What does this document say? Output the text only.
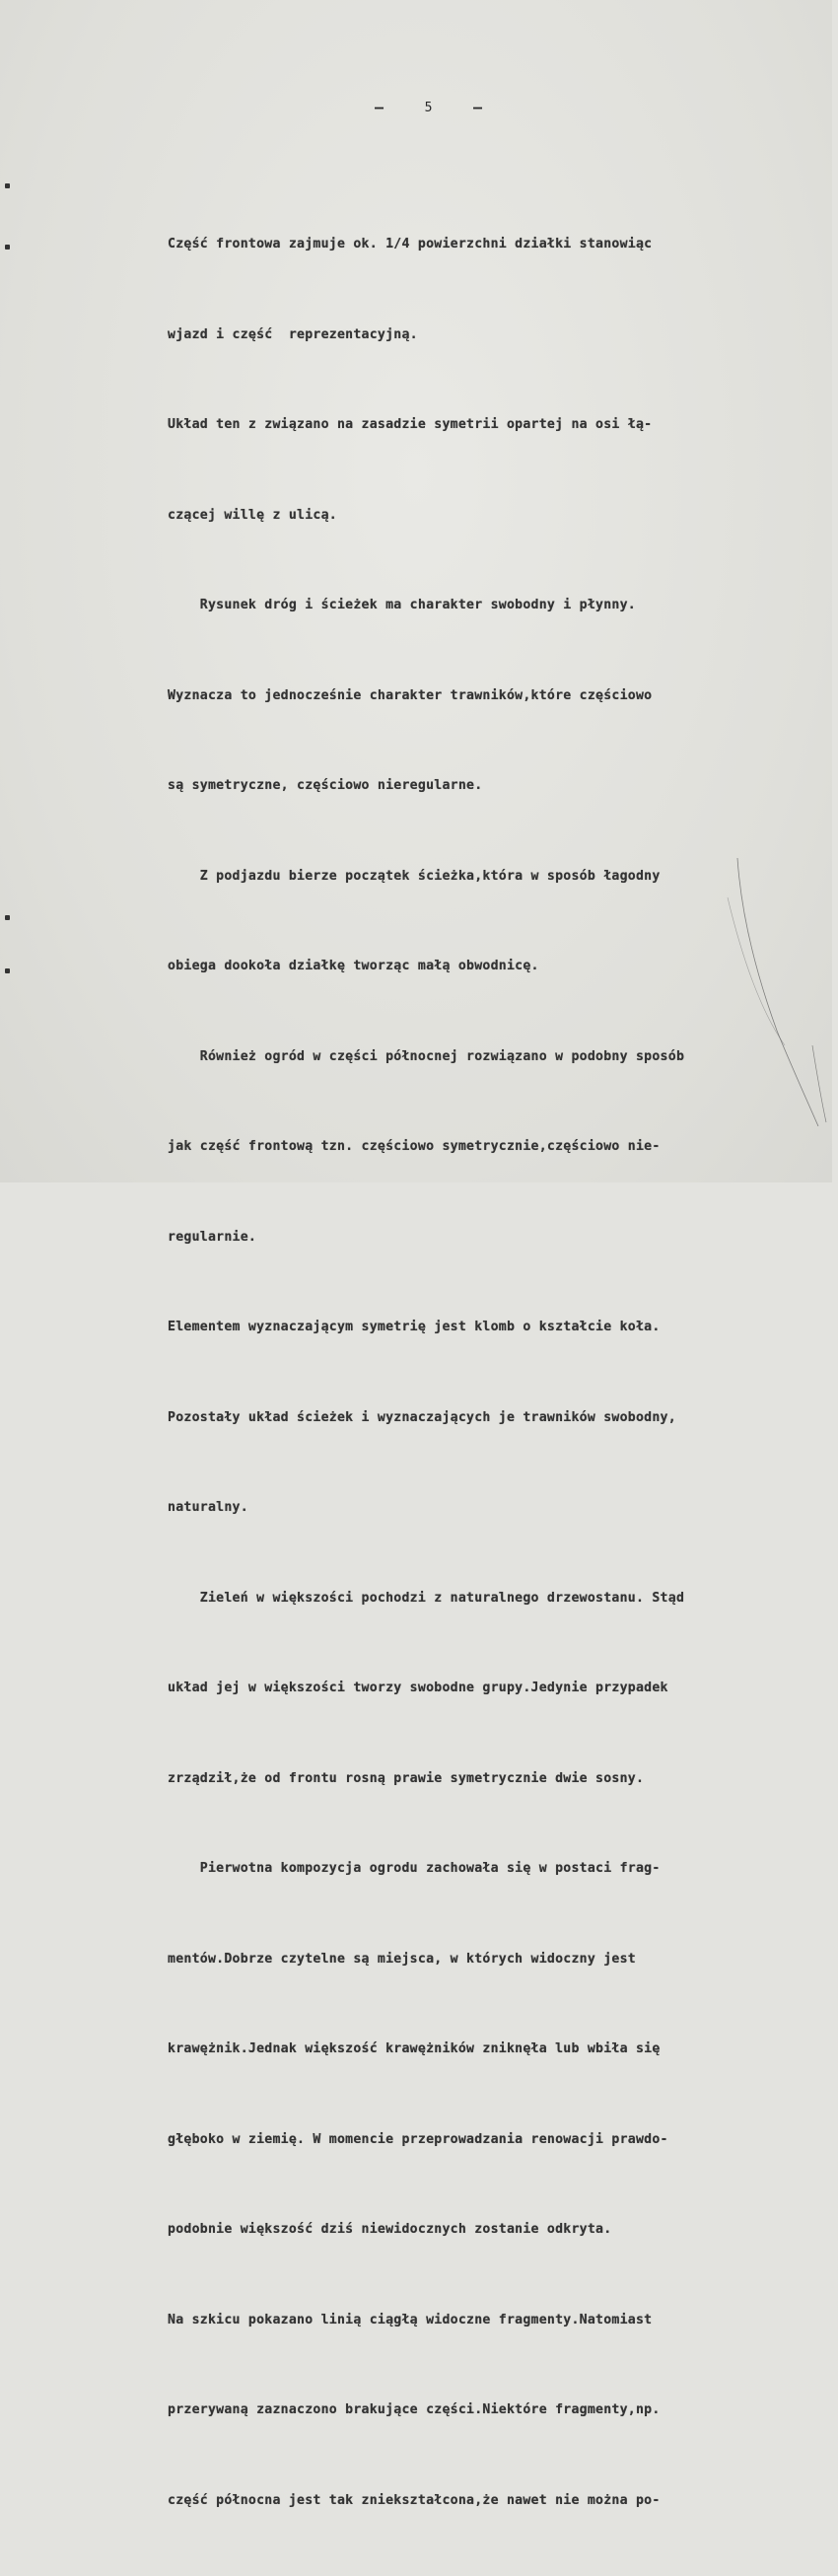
–	5	–

Część frontowa zajmuje ok. 1/4 powierzchni działki stanowiąc

wjazd i część  reprezentacyjną.

Układ ten z związano na zasadzie symetrii opartej na osi łą-

czącej willę z ulicą.

Rysunek dróg i ścieżek ma charakter swobodny i płynny.

Wyznacza to jednocześnie charakter trawników,które częściowo

są symetryczne, częściowo nieregularne.

Z podjazdu bierze początek ścieżka,która w sposób łagodny

obiega dookoła działkę tworząc małą obwodnicę.

Również ogród w części północnej rozwiązano w podobny sposób

jak część frontową tzn. częściowo symetrycznie,częściowo nie-

regularnie.

Elementem wyznaczającym symetrię jest klomb o kształcie koła.

Pozostały układ ścieżek i wyznaczających je trawników swobodny,

naturalny.

Zieleń w większości pochodzi z naturalnego drzewostanu. Stąd

układ jej w większości tworzy swobodne grupy.Jedynie przypadek

zrządził,że od frontu rosną prawie symetrycznie dwie sosny.

Pierwotna kompozycja ogrodu zachowała się w postaci frag-

mentów.Dobrze czytelne są miejsca, w których widoczny jest

krawężnik.Jednak większość krawężników zniknęła lub wbiła się

głęboko w ziemię. W momencie przeprowadzania renowacji prawdo-

podobnie większość dziś niewidocznych zostanie odkryta.

Na szkicu pokazano linią ciągłą widoczne fragmenty.Natomiast

przerywaną zaznaczono brakujące części.Niektóre fragmenty,np.

część północna jest tak zniekształcona,że nawet nie można po-
